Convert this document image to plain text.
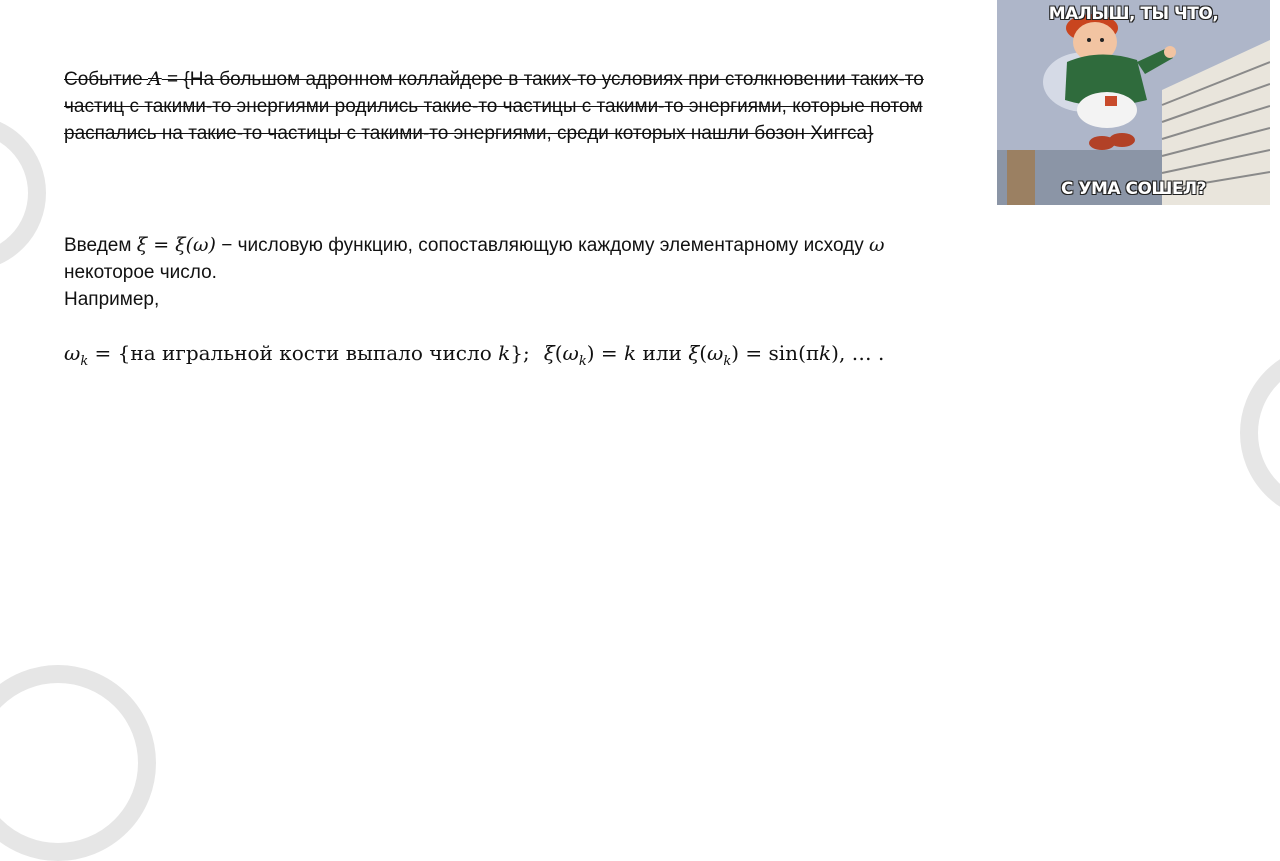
Событие A = {На большом адронном коллайдере в таких-то условиях при столкновении таких-то частиц с такими-то энергиями родились такие-то частицы с такими-то энергиями, которые потом распались на такие-то частицы с такими-то энергиями, среди которых нашли бозон Хиггса}
Введем ξ = ξ(ω) − числовую функцию, сопоставляющую каждому элементарному исходу ω некоторое число.
Например,
$\omega_k = \{на$ игральной кости выпало число k}; $\xi(\omega_k) = k$ или $\xi(\omega_k) = \sin(\pi k)$, … .
МАЛЫШ, ТЫ ЧТО,
С УМА СОШЕЛ?
